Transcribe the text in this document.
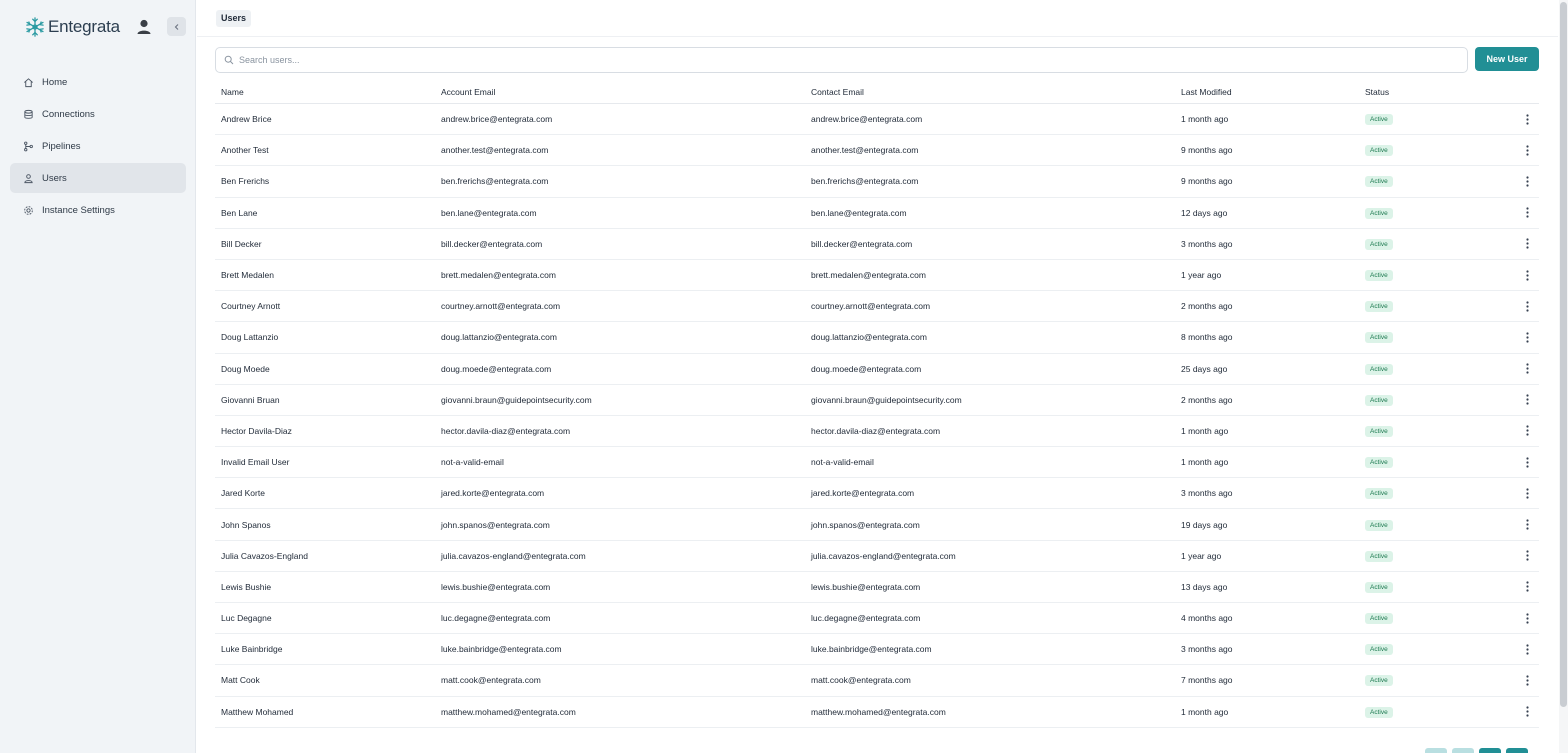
Entegrata
Home
Connections
Pipelines
Users
Instance Settings
Users
Search users...
New User
Name	Account Email	Contact Email	Last Modified	Status
Andrew Brice	andrew.brice@entegrata.com	andrew.brice@entegrata.com	1 month ago	Active
Another Test	another.test@entegrata.com	another.test@entegrata.com	9 months ago	Active
Ben Frerichs	ben.frerichs@entegrata.com	ben.frerichs@entegrata.com	9 months ago	Active
Ben Lane	ben.lane@entegrata.com	ben.lane@entegrata.com	12 days ago	Active
Bill Decker	bill.decker@entegrata.com	bill.decker@entegrata.com	3 months ago	Active
Brett Medalen	brett.medalen@entegrata.com	brett.medalen@entegrata.com	1 year ago	Active
Courtney Arnott	courtney.arnott@entegrata.com	courtney.arnott@entegrata.com	2 months ago	Active
Doug Lattanzio	doug.lattanzio@entegrata.com	doug.lattanzio@entegrata.com	8 months ago	Active
Doug Moede	doug.moede@entegrata.com	doug.moede@entegrata.com	25 days ago	Active
Giovanni Bruan	giovanni.braun@guidepointsecurity.com	giovanni.braun@guidepointsecurity.com	2 months ago	Active
Hector Davila-Diaz	hector.davila-diaz@entegrata.com	hector.davila-diaz@entegrata.com	1 month ago	Active
Invalid Email User	not-a-valid-email	not-a-valid-email	1 month ago	Active
Jared Korte	jared.korte@entegrata.com	jared.korte@entegrata.com	3 months ago	Active
John Spanos	john.spanos@entegrata.com	john.spanos@entegrata.com	19 days ago	Active
Julia Cavazos-England	julia.cavazos-england@entegrata.com	julia.cavazos-england@entegrata.com	1 year ago	Active
Lewis Bushie	lewis.bushie@entegrata.com	lewis.bushie@entegrata.com	13 days ago	Active
Luc Degagne	luc.degagne@entegrata.com	luc.degagne@entegrata.com	4 months ago	Active
Luke Bainbridge	luke.bainbridge@entegrata.com	luke.bainbridge@entegrata.com	3 months ago	Active
Matt Cook	matt.cook@entegrata.com	matt.cook@entegrata.com	7 months ago	Active
Matthew Mohamed	matthew.mohamed@entegrata.com	matthew.mohamed@entegrata.com	1 month ago	Active
